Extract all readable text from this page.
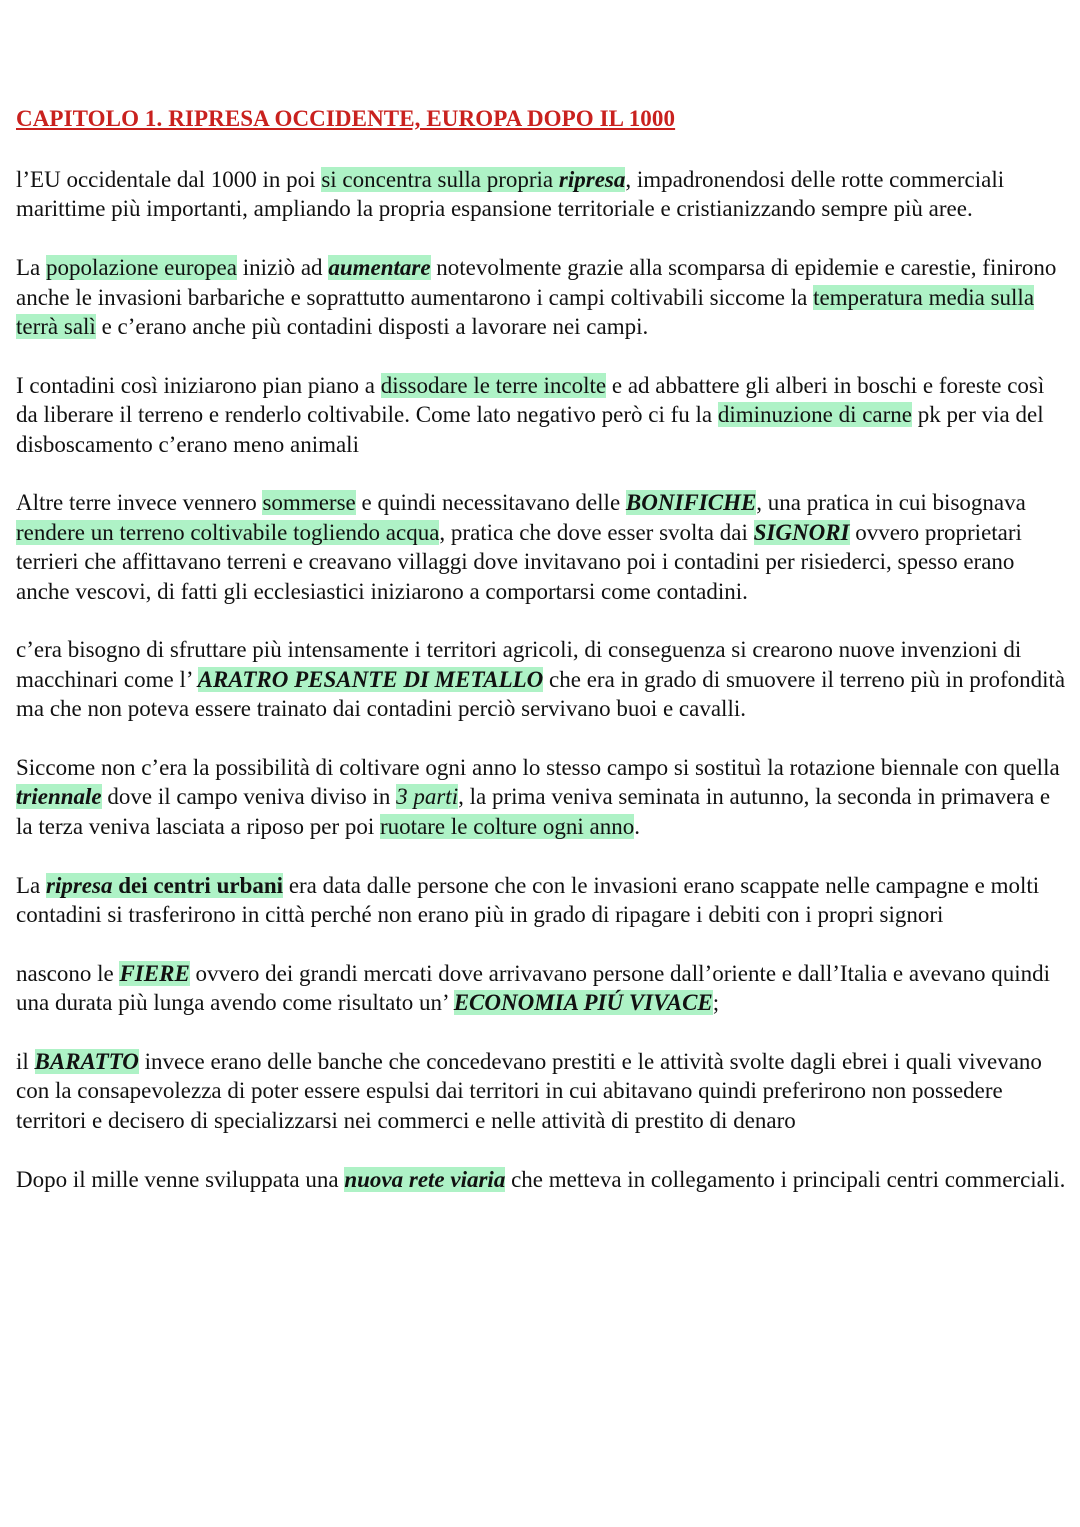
CAPITOLO 1. RIPRESA OCCIDENTE, EUROPA DOPO IL 1000
l’EU occidentale dal 1000 in poi si concentra sulla propria ripresa, impadronendosi delle rotte commerciali marittime più importanti, ampliando la propria espansione territoriale e cristianizzando sempre più aree.
La popolazione europea iniziò ad aumentare notevolmente grazie alla scomparsa di epidemie e carestie, finirono anche le invasioni barbariche e soprattutto aumentarono i campi coltivabili siccome la temperatura media sulla terrà salì e c’erano anche più contadini disposti a lavorare nei campi.
I contadini così iniziarono pian piano a dissodare le terre incolte e ad abbattere gli alberi in boschi e foreste così da liberare il terreno e renderlo coltivabile. Come lato negativo però ci fu la diminuzione di carne pk per via del disboscamento c’erano meno animali
Altre terre invece vennero sommerse e quindi necessitavano delle BONIFICHE, una pratica in cui bisognava rendere un terreno coltivabile togliendo acqua, pratica che dove esser svolta dai SIGNORI ovvero proprietari terrieri che affittavano terreni e creavano villaggi dove invitavano poi i contadini per risiederci, spesso erano anche vescovi, di fatti gli ecclesiastici iniziarono a comportarsi come contadini.
c’era bisogno di sfruttare più intensamente i territori agricoli, di conseguenza si crearono nuove invenzioni di macchinari come l’ ARATRO PESANTE DI METALLO che era in grado di smuovere il terreno più in profondità ma che non poteva essere trainato dai contadini perciò servivano buoi e cavalli.
Siccome non c’era la possibilità di coltivare ogni anno lo stesso campo si sostituì la rotazione biennale con quella triennale dove il campo veniva diviso in 3 parti, la prima veniva seminata in autunno, la seconda in primavera e la terza veniva lasciata a riposo per poi ruotare le colture ogni anno.
La ripresa dei centri urbani era data dalle persone che con le invasioni erano scappate nelle campagne e molti contadini si trasferirono in città perché non erano più in grado di ripagare i debiti con i propri signori
nascono le FIERE ovvero dei grandi mercati dove arrivavano persone dall’oriente e dall’Italia e avevano quindi una durata più lunga avendo come risultato un’ ECONOMIA PIÚ VIVACE;
il BARATTO invece erano delle banche che concedevano prestiti e le attività svolte dagli ebrei i quali vivevano con la consapevolezza di poter essere espulsi dai territori in cui abitavano quindi preferirono non possedere territori e decisero di specializzarsi nei commerci e nelle attività di prestito di denaro
Dopo il mille venne sviluppata una nuova rete viaria che metteva in collegamento i principali centri commerciali.
